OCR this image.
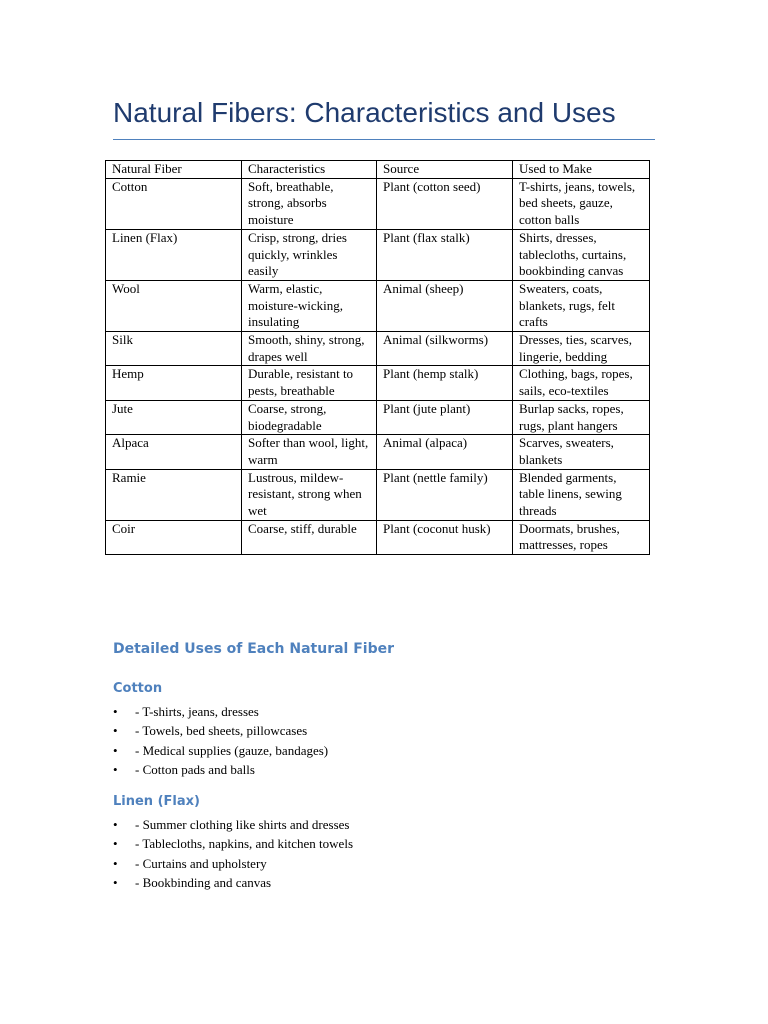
Natural Fibers: Characteristics and Uses
Natural Fiber	Characteristics	Source	Used to Make
Cotton	Soft, breathable, strong, absorbs moisture	Plant (cotton seed)	T-shirts, jeans, towels, bed sheets, gauze, cotton balls
Linen (Flax)	Crisp, strong, dries quickly, wrinkles easily	Plant (flax stalk)	Shirts, dresses, tablecloths, curtains, bookbinding canvas
Wool	Warm, elastic, moisture-wicking, insulating	Animal (sheep)	Sweaters, coats, blankets, rugs, felt crafts
Silk	Smooth, shiny, strong, drapes well	Animal (silkworms)	Dresses, ties, scarves, lingerie, bedding
Hemp	Durable, resistant to pests, breathable	Plant (hemp stalk)	Clothing, bags, ropes, sails, eco-textiles
Jute	Coarse, strong, biodegradable	Plant (jute plant)	Burlap sacks, ropes, rugs, plant hangers
Alpaca	Softer than wool, light, warm	Animal (alpaca)	Scarves, sweaters, blankets
Ramie	Lustrous, mildew-resistant, strong when wet	Plant (nettle family)	Blended garments, table linens, sewing threads
Coir	Coarse, stiff, durable	Plant (coconut husk)	Doormats, brushes, mattresses, ropes
Detailed Uses of Each Natural Fiber
Cotton
• - T-shirts, jeans, dresses
• - Towels, bed sheets, pillowcases
• - Medical supplies (gauze, bandages)
• - Cotton pads and balls
Linen (Flax)
• - Summer clothing like shirts and dresses
• - Tablecloths, napkins, and kitchen towels
• - Curtains and upholstery
• - Bookbinding and canvas
